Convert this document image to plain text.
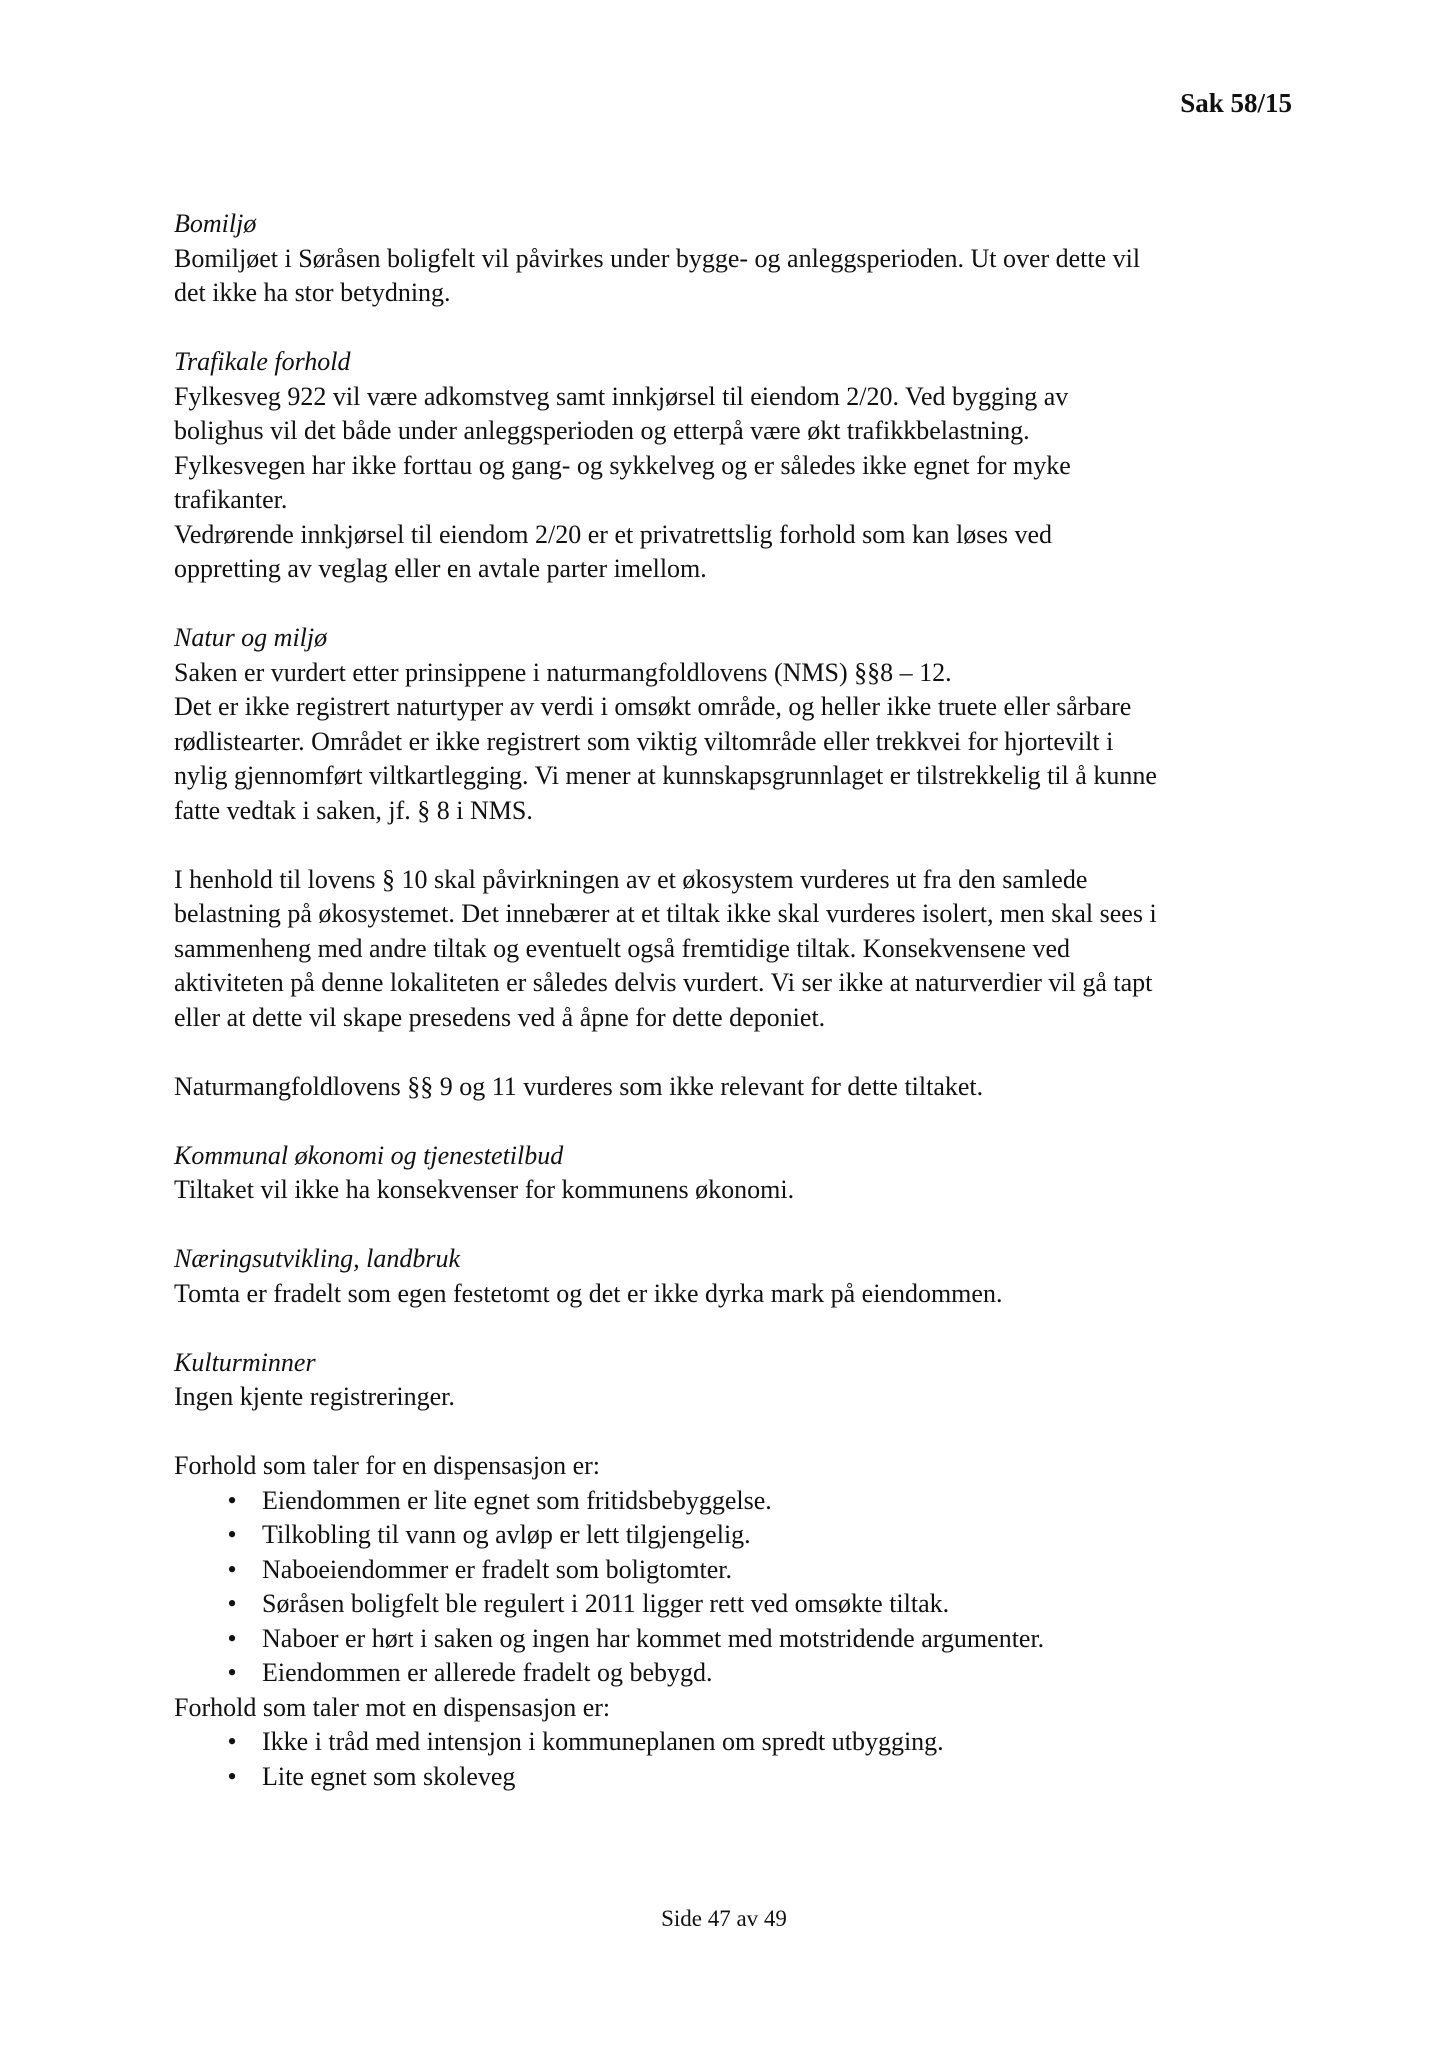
Sak 58/15
Bomiljø
Bomiljøet i Søråsen boligfelt vil påvirkes under bygge- og anleggsperioden. Ut over dette vil
det ikke ha stor betydning.
Trafikale forhold
Fylkesveg 922 vil være adkomstveg samt innkjørsel til eiendom 2/20. Ved bygging av
bolighus vil det både under anleggsperioden og etterpå være økt trafikkbelastning.
Fylkesvegen har ikke forttau og gang- og sykkelveg og er således ikke egnet for myke
trafikanter.
Vedrørende innkjørsel til eiendom 2/20 er et privatrettslig forhold som kan løses ved
oppretting av veglag eller en avtale parter imellom.
Natur og miljø
Saken er vurdert etter prinsippene i naturmangfoldlovens (NMS) §§8 – 12.
Det er ikke registrert naturtyper av verdi i omsøkt område, og heller ikke truete eller sårbare
rødlistearter. Området er ikke registrert som viktig viltområde eller trekkvei for hjortevilt i
nylig gjennomført viltkartlegging. Vi mener at kunnskapsgrunnlaget er tilstrekkelig til å kunne
fatte vedtak i saken, jf. § 8 i NMS.
I henhold til lovens § 10 skal påvirkningen av et økosystem vurderes ut fra den samlede
belastning på økosystemet. Det innebærer at et tiltak ikke skal vurderes isolert, men skal sees i
sammenheng med andre tiltak og eventuelt også fremtidige tiltak. Konsekvensene ved
aktiviteten på denne lokaliteten er således delvis vurdert. Vi ser ikke at naturverdier vil gå tapt
eller at dette vil skape presedens ved å åpne for dette deponiet.
Naturmangfoldlovens §§ 9 og 11 vurderes som ikke relevant for dette tiltaket.
Kommunal økonomi og tjenestetilbud
Tiltaket vil ikke ha konsekvenser for kommunens økonomi.
Næringsutvikling, landbruk
Tomta er fradelt som egen festetomt og det er ikke dyrka mark på eiendommen.
Kulturminner
Ingen kjente registreringer.
Forhold som taler for en dispensasjon er:
• Eiendommen er lite egnet som fritidsbebyggelse.
• Tilkobling til vann og avløp er lett tilgjengelig.
• Naboeiendommer er fradelt som boligtomter.
• Søråsen boligfelt ble regulert i 2011 ligger rett ved omsøkte tiltak.
• Naboer er hørt i saken og ingen har kommet med motstridende argumenter.
• Eiendommen er allerede fradelt og bebygd.
Forhold som taler mot en dispensasjon er:
• Ikke i tråd med intensjon i kommuneplanen om spredt utbygging.
• Lite egnet som skoleveg
Side 47 av 49
